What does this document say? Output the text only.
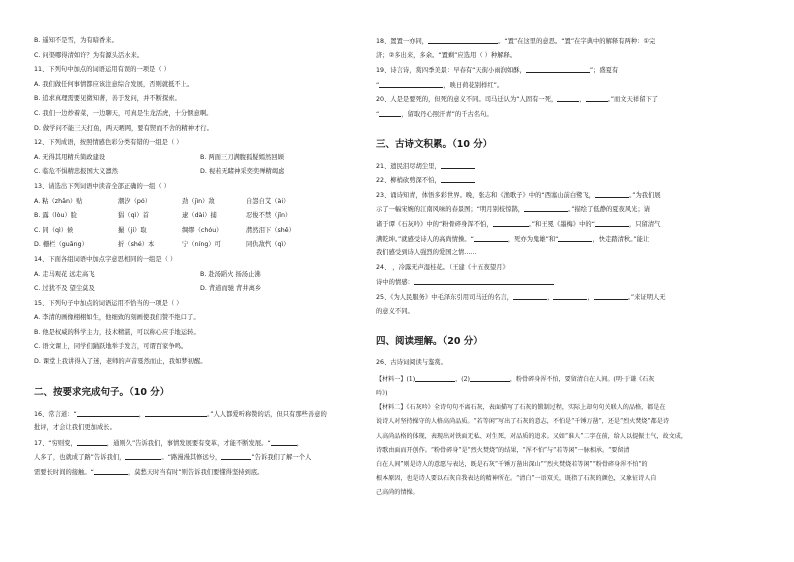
B. 遥知不是雪，为有暗香来。
C. 问渠哪得清如许？为有源头活水来。
11、下列句中加点的词语运用有误的一项是（ ）
A. 我们做任何事情都应该注意综合发展，否则就抵不上。
B. 追求真理需要见微知著，善于发问，并不断探索。
C. 我们一边炒着菜，一边聊天，可真是生龙活虎，十分惬意啊。
D. 做学问不能三天打鱼，两天晒网，要有锲而不舍的精神才行。
12、下列成语，按照情感色彩分类有错的一组是（ ）
A. 无得其用精兵简政建设	B. 两面三刀满腹狐疑嫣然回顾
C. 临危不惧精忠报国大义凛然	D. 视若无睹神采奕奕殚精竭虑
13、请选出下列词语中读音全部正确的一组（ ）
A. 粘（zhān）贴	潮汐（pó）	劲（jìn）敌	自怨自艾（ài）
B. 露（lòu）脸	猖（qì）首	逮（dài）捕	忍俊不禁（jīn）
C. 同（qì）候	撮（jí）取	绸缪（chóu）	潸然泪下（shě）
D. 栅栏（guāng）	折（shé）本	宁（níng）可	同仇敌忾（qì）
14、下面各组词语中加点字意思相同的一组是（ ）
A. 走马观花 远走高飞	B. 赴汤蹈火 扬汤止沸
C. 过犹不及 望尘莫及	D. 背道而驰 背井离乡
15、下列句子中加点的词语运用不恰当的一项是（ ）
A. 李清的画像栩栩如生，他细致的刻画使我们赞不绝口了。
B. 他是权威的科学主力，技术精湛，可以称心应手地运转。
C. 语文课上，同学们踊跃地举手发言，可谓百家争鸣。
D. 课堂上我讲得入了迷，老师的声音戛然而止，我如梦初醒。
二、按要求完成句子。（10 分）
16、常言道：“	，	。”人人都爱听称赞的话，但只有那些善意的
批评，才会让我们更加成长。
17、“穷则变，	，通则久”告诉我们，事情发展要有变革，才能不断发展。“	，
人多了，也就成了路”告诉我们，	。“路漫漫其修远兮，	”告诉我们了解一个人
需要长时间的接触。“	，莫愁天时当有时”则告诉我们要懂得坚持到底。
18、置置一亦同，	。“置”在这里的意思。“置”在字典中的解释有两种：①完
济；②多出来，多余。“置剩”应选用（ ）种解释。
19、诗言诗，赏四季美景：早春有“天街小雨润如酥，	”；盛夏有
“	，映日荷花别样红”。
20、人是是要死的，但死的意义不同。司马迁认为“人固有一死，	，	。”而文天祥留下了
“	，留取丹心照汗青”的千古名句。
三、古诗文积累。（10 分）
21、遗民泪尽胡尘里，
22、柳梢砍剪深不怕，
23、诵诗知青，体悟多彩世界。晚，张志和《渔歌子》中的“西塞山前白鹭飞，	。”为我们展
示了一幅宋婉的江南风味的春景图；“明月别枝惊鹊，	。”描绘了低静的夏夜风光；请
诸于谭《石灰吟》中的“粉骨碎身浑不怕，	。”和王冕《墨梅》中的“	，只留清气
满乾坤。”就感受诗人的高尚情操。“	，死亦为鬼雄”和“	，快走踏清秋。”能让
我们感受到诗人强烈的爱国之情……
24、 ，冷露无声湿桂花。（王建《十五夜望月》
诗中的情感：
25、《为人民服务》中毛泽东引用司马迁的名言，	，	，	。”来证明人无
的意义不同。
四、阅读理解。（20 分）
26、古诗词阅读与鉴赏。
【材料一】(1)	，(2)	，粉骨碎身浑不怕，要留清白在人间。(明·于谦《石灰
吟》)
【材料二】《石灰吟》全诗句句不离石灰，表面描写了石灰的锻制过程，实际上却句句关联人的品格，都是在
说诗人对坚持操守的人格高尚品质。“若等闲”写出了石灰的意志，不怕是“千锤万凿”，还是“烈火焚烧”都是诗
人高尚品格的体现，表现出对铁面无私、对生死，对品质的追求。又如“谁人”二字在前，给人以提振士气，故文成，
诗歌由面而开创作。“粉骨碎身”是“烈火焚烧”的结果，“浑不怕”与“若等闲”一脉相承。“要留清
白在人间”则是诗人的意愿与表达，既是石灰“千锤万凿出深山”“烈火焚烧若等闲”“粉骨碎身浑不怕”的
根本原因，也是诗人要以石灰自我表达的精神所在。“清白”一语双关，既指了石灰的颜色，又象征诗人自
己高尚的情操。
